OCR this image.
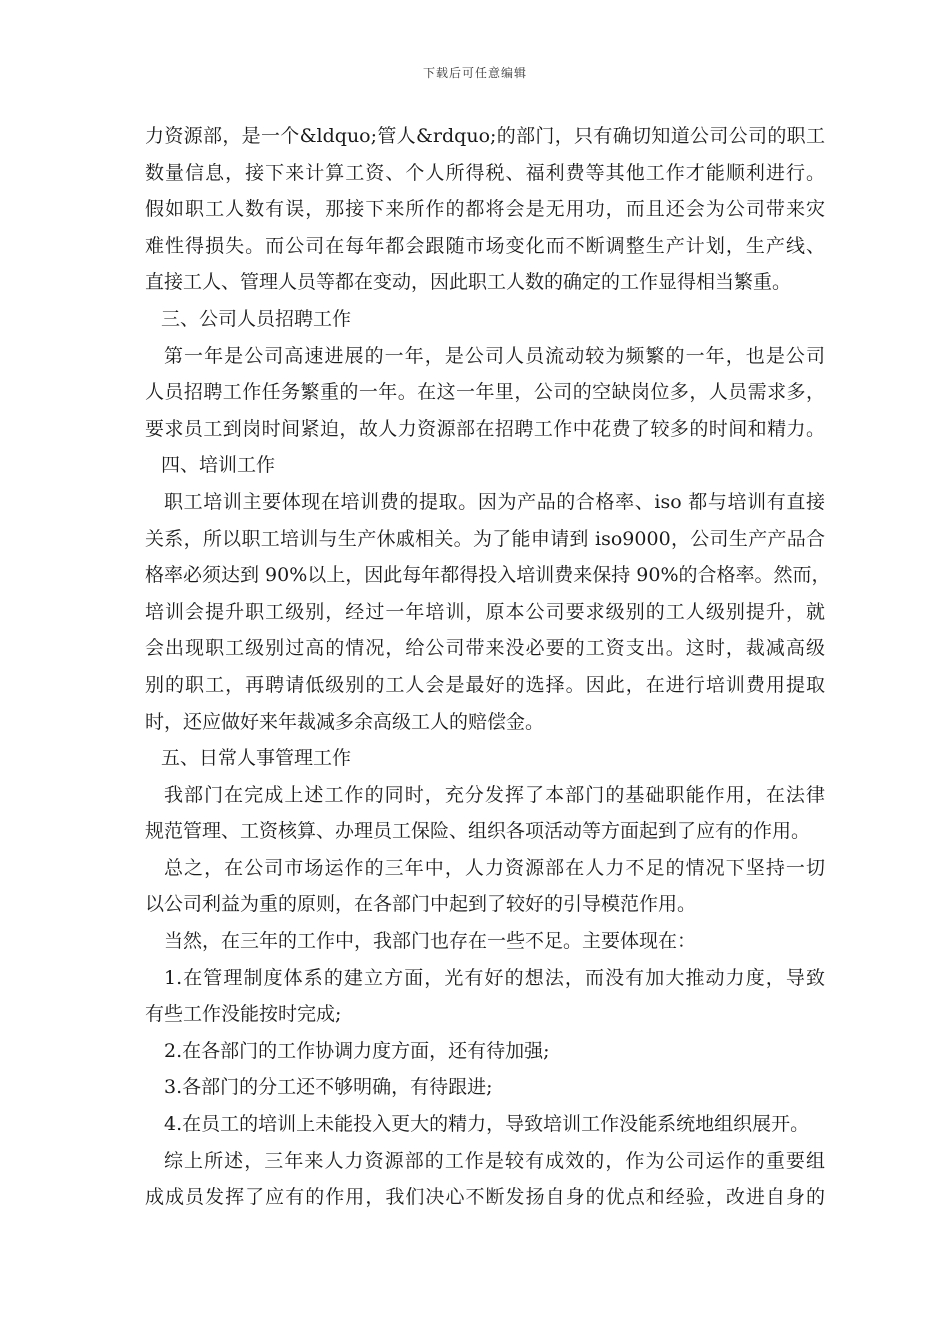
下载后可任意编辑
力资源部，是一个&ldquo;管人&rdquo;的部门，只有确切知道公司公司的职工
数量信息，接下来计算工资、个人所得税、福利费等其他工作才能顺利进行。
假如职工人数有误，那接下来所作的都将会是无用功，而且还会为公司带来灾
难性得损失。而公司在每年都会跟随市场变化而不断调整生产计划，生产线、
直接工人、管理人员等都在变动，因此职工人数的确定的工作显得相当繁重。
三、公司人员招聘工作
第一年是公司高速进展的一年，是公司人员流动较为频繁的一年，也是公司
人员招聘工作任务繁重的一年。在这一年里，公司的空缺岗位多，人员需求多，
要求员工到岗时间紧迫，故人力资源部在招聘工作中花费了较多的时间和精力。
四、培训工作
职工培训主要体现在培训费的提取。因为产品的合格率、iso 都与培训有直接
关系，所以职工培训与生产休戚相关。为了能申请到 iso9000，公司生产产品合
格率必须达到 90%以上，因此每年都得投入培训费来保持 90%的合格率。然而，
培训会提升职工级别，经过一年培训，原本公司要求级别的工人级别提升，就
会出现职工级别过高的情况，给公司带来没必要的工资支出。这时，裁减高级
别的职工，再聘请低级别的工人会是最好的选择。因此，在进行培训费用提取
时，还应做好来年裁减多余高级工人的赔偿金。
五、日常人事管理工作
我部门在完成上述工作的同时，充分发挥了本部门的基础职能作用，在法律
规范管理、工资核算、办理员工保险、组织各项活动等方面起到了应有的作用。
总之，在公司市场运作的三年中，人力资源部在人力不足的情况下坚持一切
以公司利益为重的原则，在各部门中起到了较好的引导模范作用。
当然，在三年的工作中，我部门也存在一些不足。主要体现在：
1.在管理制度体系的建立方面，光有好的想法，而没有加大推动力度，导致
有些工作没能按时完成;
2.在各部门的工作协调力度方面，还有待加强;
3.各部门的分工还不够明确，有待跟进;
4.在员工的培训上未能投入更大的精力，导致培训工作没能系统地组织展开。
综上所述，三年来人力资源部的工作是较有成效的，作为公司运作的重要组
成成员发挥了应有的作用，我们决心不断发扬自身的优点和经验，改进自身的
